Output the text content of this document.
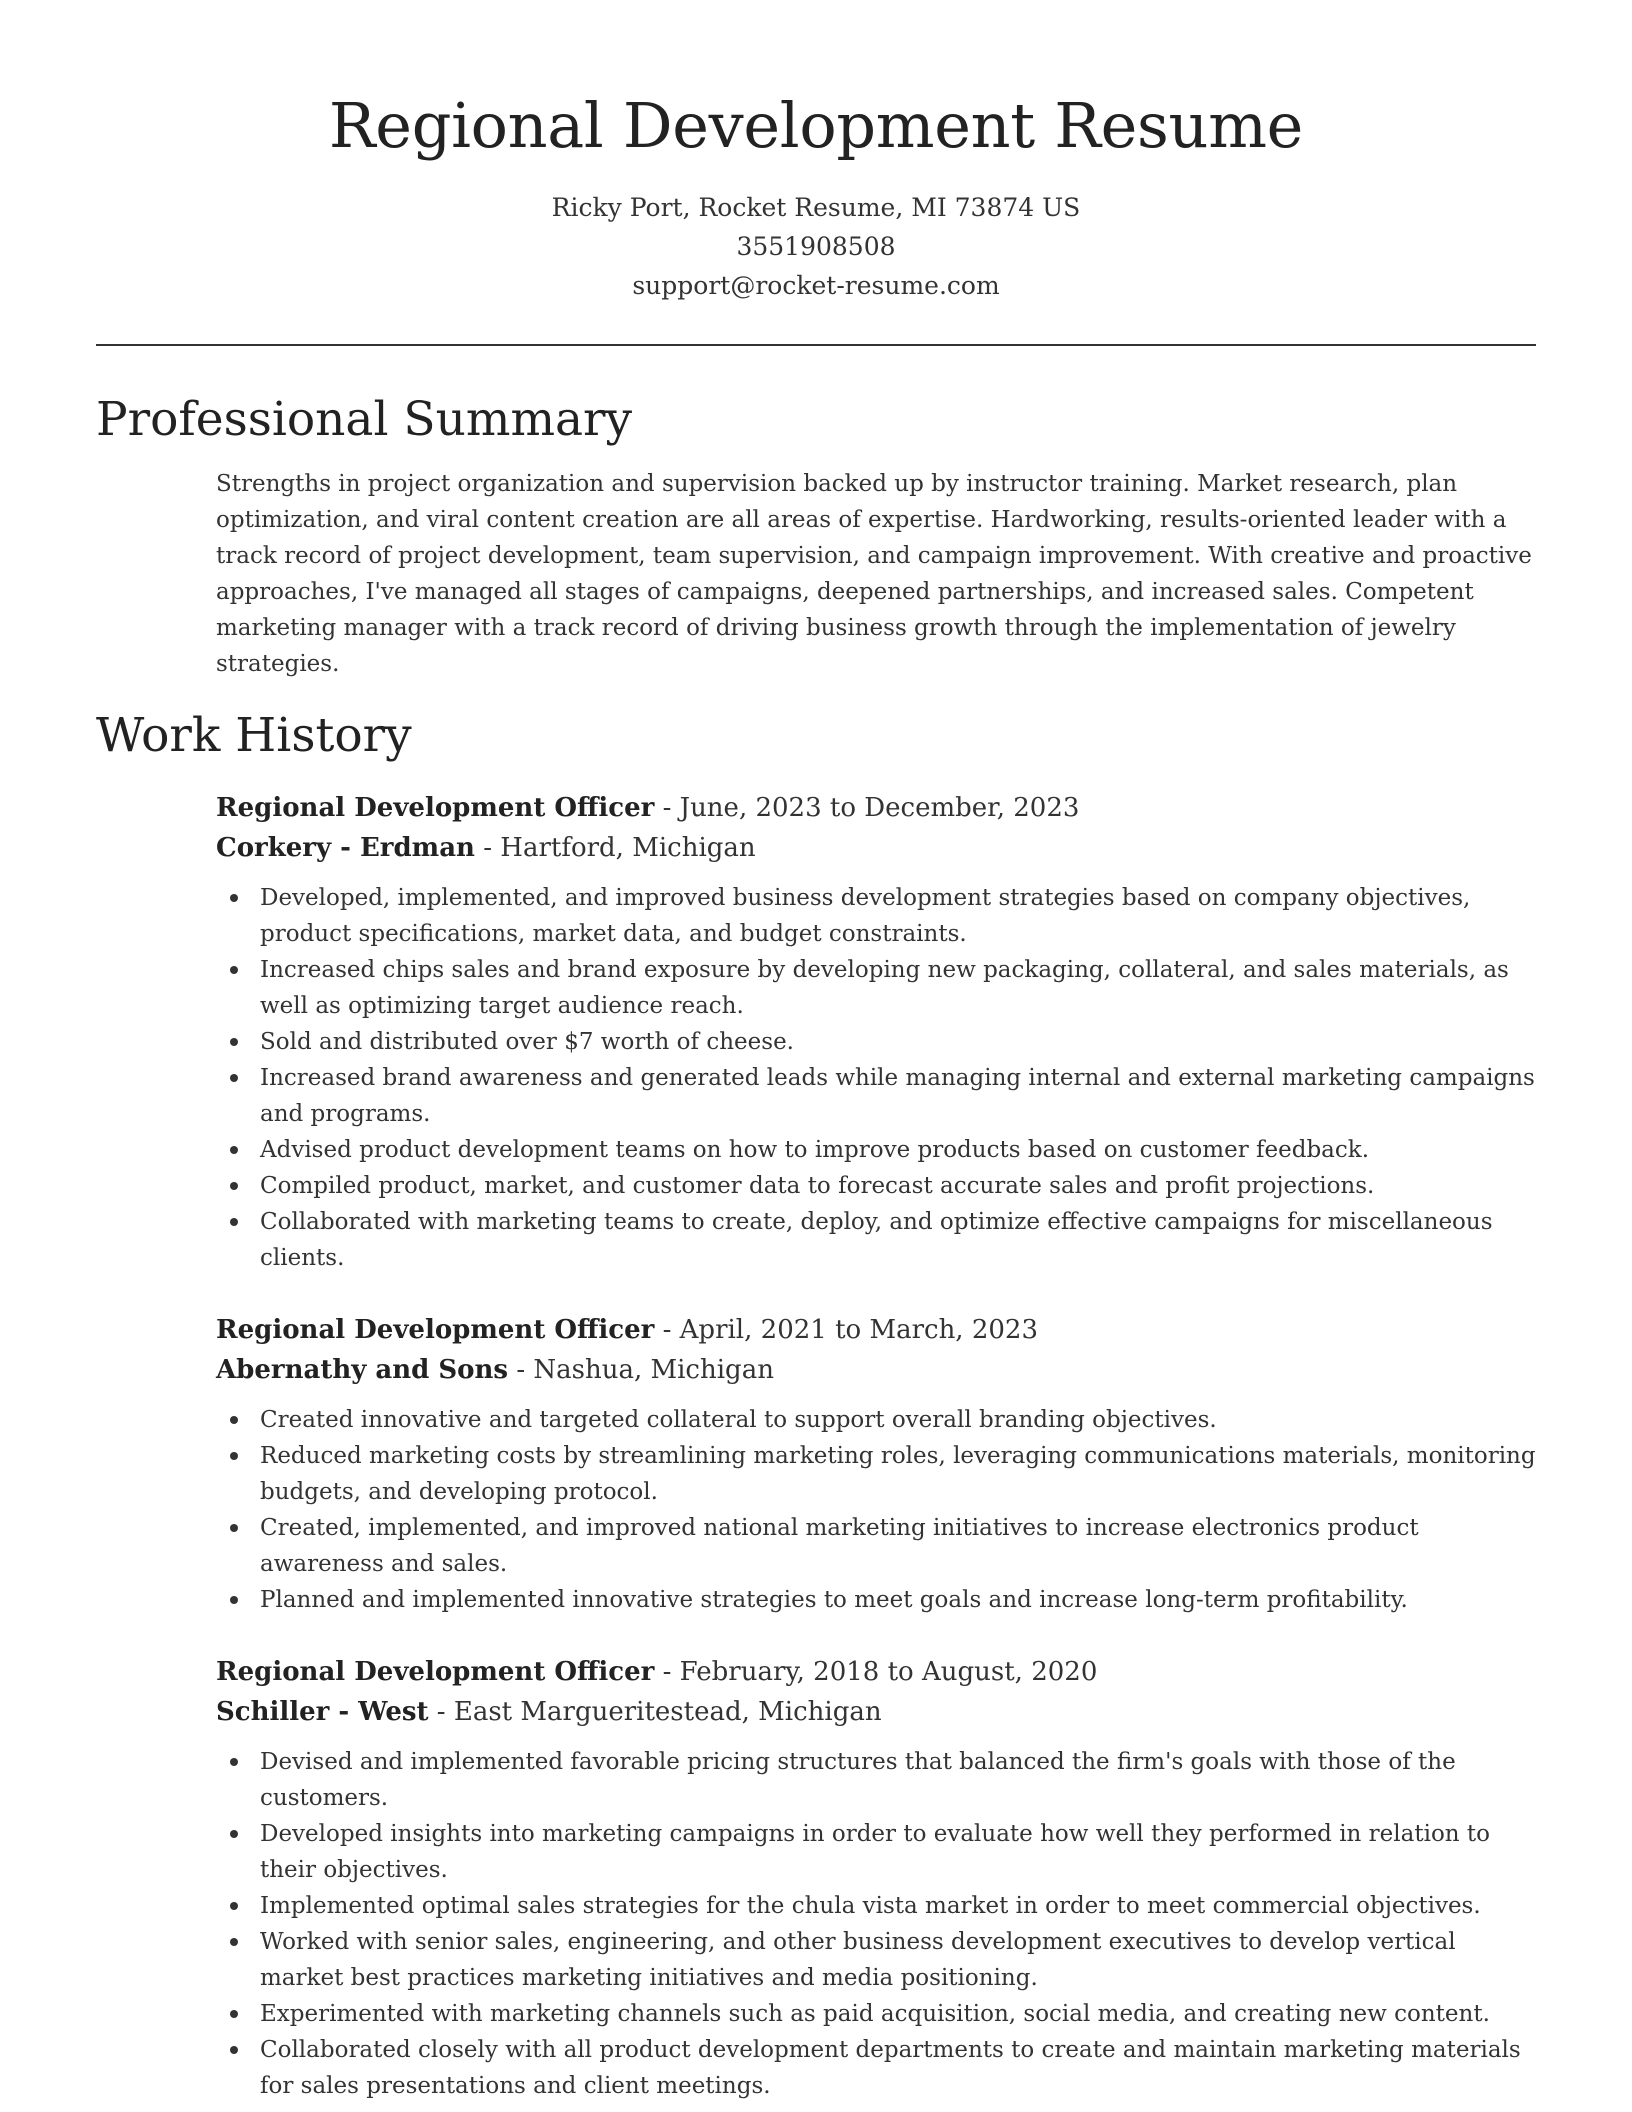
Regional Development Resume
Ricky Port, Rocket Resume, MI 73874 US
3551908508
support@rocket-resume.com
Professional Summary

Strengths in project organization and supervision backed up by instructor training. Market research, plan optimization, and viral content creation are all areas of expertise. Hardworking, results-oriented leader with a track record of project development, team supervision, and campaign improvement. With creative and proactive approaches, I've managed all stages of campaigns, deepened partnerships, and increased sales. Competent marketing manager with a track record of driving business growth through the implementation of jewelry strategies.

Work History
Regional Development Officer - June, 2023 to December, 2023
Corkery - Erdman - Hartford, Michigan
Developed, implemented, and improved business development strategies based on company objectives, product specifications, market data, and budget constraints.
Increased chips sales and brand exposure by developing new packaging, collateral, and sales materials, as well as optimizing target audience reach.
Sold and distributed over $7 worth of cheese.
Increased brand awareness and generated leads while managing internal and external marketing campaigns and programs.
Advised product development teams on how to improve products based on customer feedback.
Compiled product, market, and customer data to forecast accurate sales and profit projections.
Collaborated with marketing teams to create, deploy, and optimize effective campaigns for miscellaneous clients.
Regional Development Officer - April, 2021 to March, 2023
Abernathy and Sons - Nashua, Michigan
Created innovative and targeted collateral to support overall branding objectives.
Reduced marketing costs by streamlining marketing roles, leveraging communications materials, monitoring budgets, and developing protocol.
Created, implemented, and improved national marketing initiatives to increase electronics product awareness and sales.
Planned and implemented innovative strategies to meet goals and increase long-term profitability.
Regional Development Officer - February, 2018 to August, 2020
Schiller - West - East Margueritestead, Michigan
Devised and implemented favorable pricing structures that balanced the firm's goals with those of the customers.
Developed insights into marketing campaigns in order to evaluate how well they performed in relation to their objectives.
Implemented optimal sales strategies for the chula vista market in order to meet commercial objectives.
Worked with senior sales, engineering, and other business development executives to develop vertical market best practices marketing initiatives and media positioning.
Experimented with marketing channels such as paid acquisition, social media, and creating new content.
Collaborated closely with all product development departments to create and maintain marketing materials for sales presentations and client meetings.
